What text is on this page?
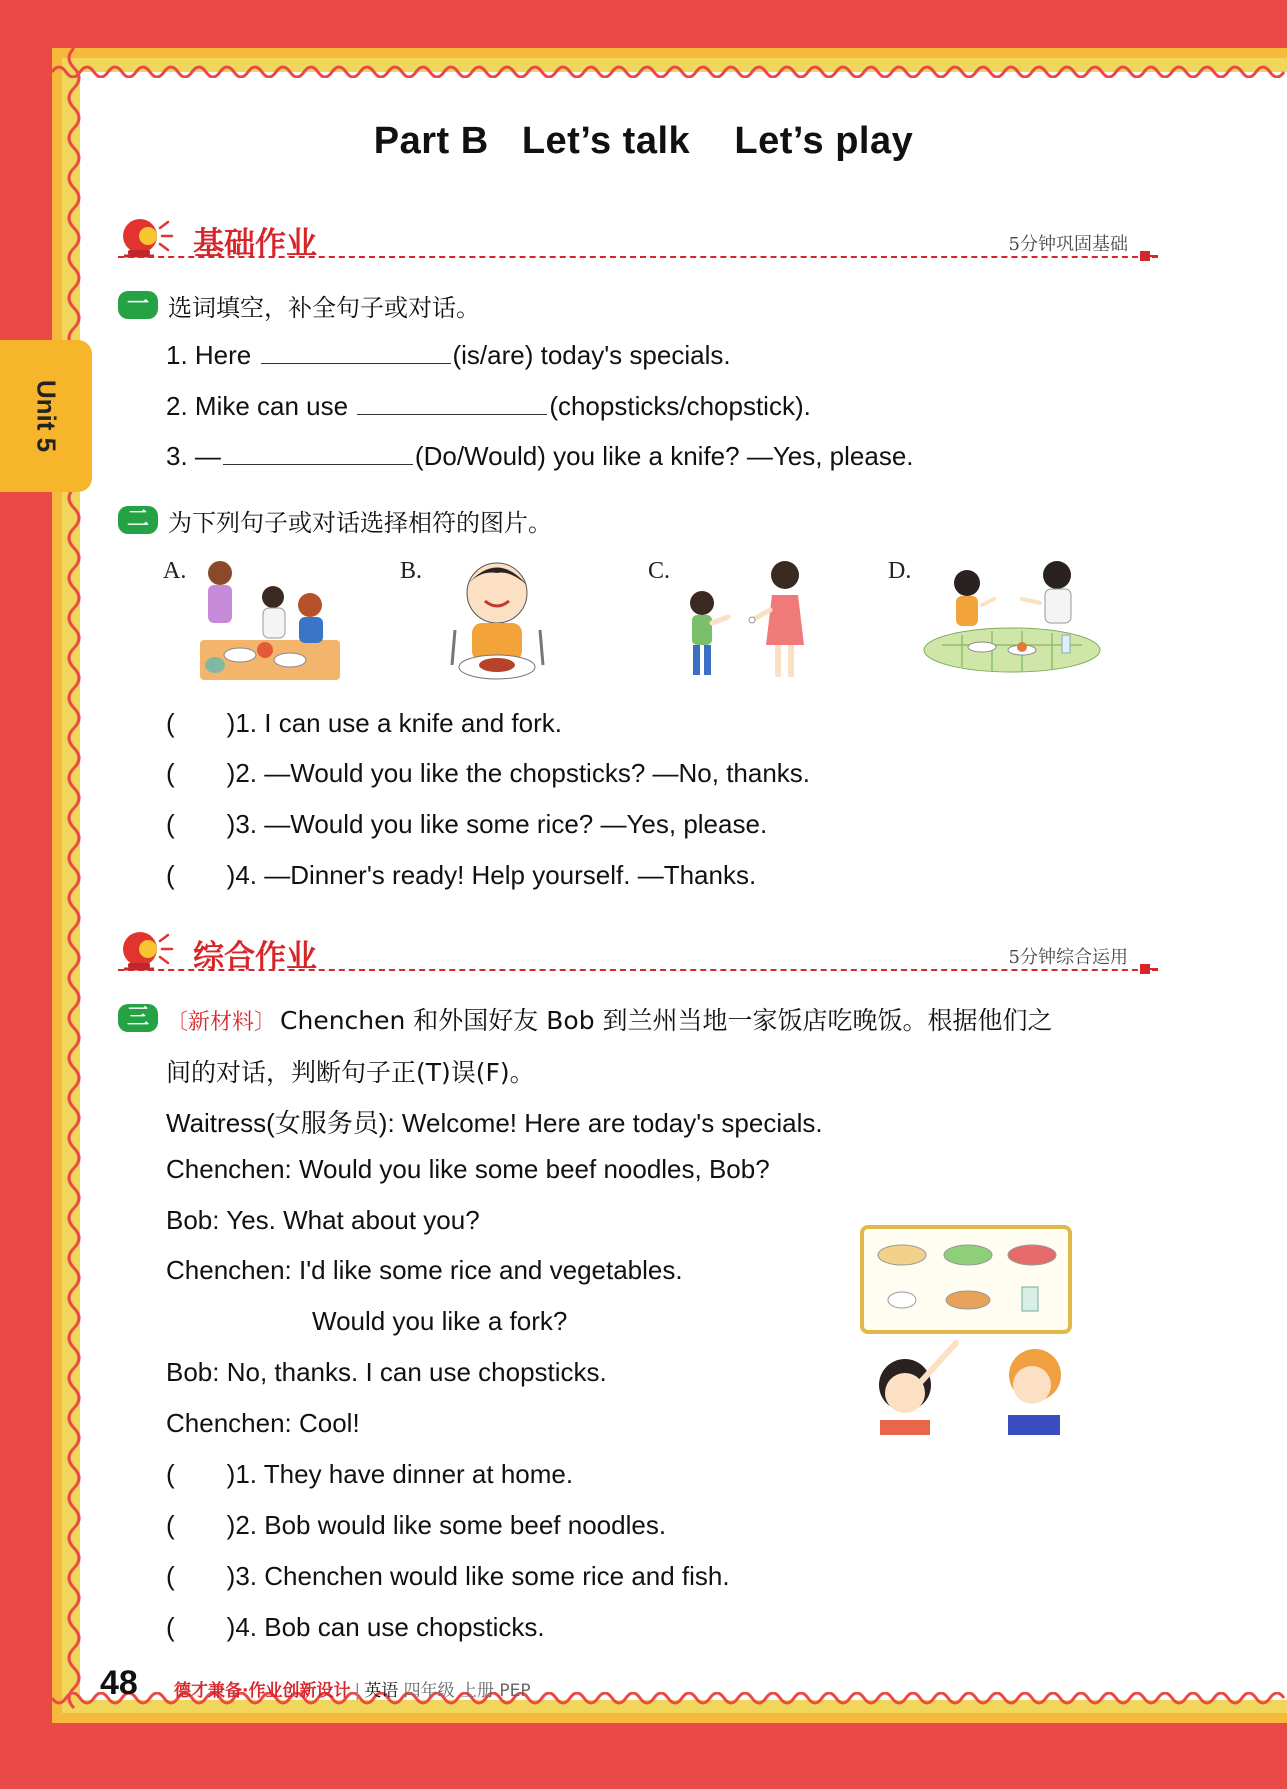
Unit 5
Part B   Let’s talk    Let’s play
基础作业	5分钟巩固基础
一 选词填空，补全句子或对话。
1. Here	(is/are) today's specials.
2. Mike can use	(chopsticks/chopstick).
3. —	(Do/Would) you like a knife? —Yes, please.
二 为下列句子或对话选择相符的图片。
A.	B.	C.	D.
( )1. I can use a knife and fork.
( )2. —Would you like the chopsticks? —No, thanks.
( )3. —Would you like some rice? —Yes, please.
( )4. —Dinner's ready! Help yourself. —Thanks.
综合作业	5分钟综合运用
三 〔新材料〕 Chenchen 和外国好友 Bob 到兰州当地一家饭店吃晚饭。根据他们之
间的对话，判断句子正(T)误(F)。
Waitress(女服务员): Welcome! Here are today's specials.
Chenchen: Would you like some beef noodles, Bob?
Bob: Yes. What about you?
Chenchen: I'd like some rice and vegetables.
Would you like a fork?
Bob: No, thanks. I can use chopsticks.
Chenchen: Cool!
( )1. They have dinner at home.
( )2. Bob would like some beef noodles.
( )3. Chenchen would like some rice and fish.
( )4. Bob can use chopsticks.
48 德才兼备·作业创新设计 | 英语 四年级 上册 PEP
